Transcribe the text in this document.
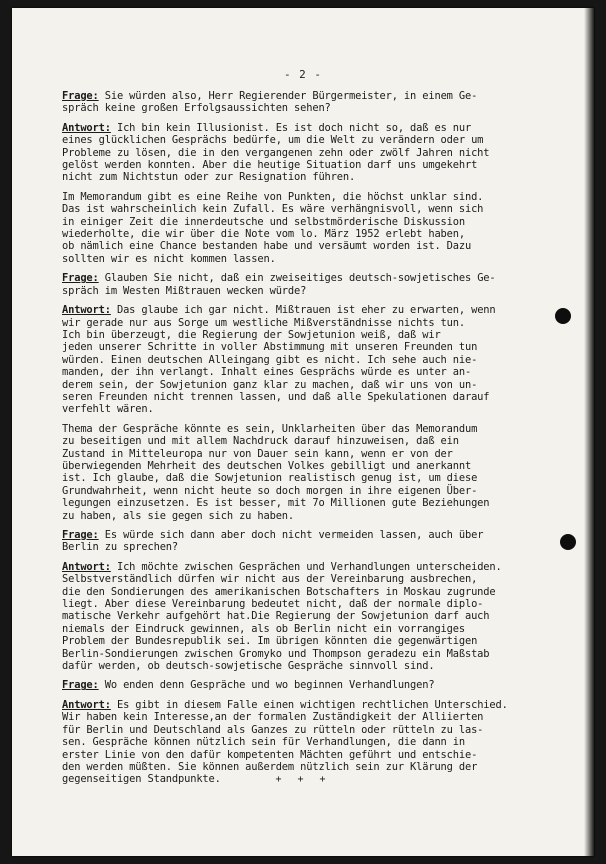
- 2 -
Frage: Sie würden also, Herr Regierender Bürgermeister, in einem Ge-
spräch keine großen Erfolgsaussichten sehen?
Antwort: Ich bin kein Illusionist. Es ist doch nicht so, daß es nur
eines glücklichen Gesprächs bedürfe, um die Welt zu verändern oder um
Probleme zu lösen, die in den vergangenen zehn oder zwölf Jahren nicht
gelöst werden konnten. Aber die heutige Situation darf uns umgekehrt
nicht zum Nichtstun oder zur Resignation führen.
Im Memorandum gibt es eine Reihe von Punkten, die höchst unklar sind.
Das ist wahrscheinlich kein Zufall. Es wäre verhängnisvoll, wenn sich
in einiger Zeit die innerdeutsche und selbstmörderische Diskussion
wiederholte, die wir über die Note vom lo. März 1952 erlebt haben,
ob nämlich eine Chance bestanden habe und versäumt worden ist. Dazu
sollten wir es nicht kommen lassen.
Frage: Glauben Sie nicht, daß ein zweiseitiges deutsch-sowjetisches Ge-
spräch im Westen Mißtrauen wecken würde?
Antwort: Das glaube ich gar nicht. Mißtrauen ist eher zu erwarten, wenn
wir gerade nur aus Sorge um westliche Mißverständnisse nichts tun.
Ich bin überzeugt, die Regierung der Sowjetunion weiß, daß wir
jeden unserer Schritte in voller Abstimmung mit unseren Freunden tun
würden. Einen deutschen Alleingang gibt es nicht. Ich sehe auch nie-
manden, der ihn verlangt. Inhalt eines Gesprächs würde es unter an-
derem sein, der Sowjetunion ganz klar zu machen, daß wir uns von un-
seren Freunden nicht trennen lassen, und daß alle Spekulationen darauf
verfehlt wären.
Thema der Gespräche könnte es sein, Unklarheiten über das Memorandum
zu beseitigen und mit allem Nachdruck darauf hinzuweisen, daß ein
Zustand in Mitteleuropa nur von Dauer sein kann, wenn er von der
überwiegenden Mehrheit des deutschen Volkes gebilligt und anerkannt
ist. Ich glaube, daß die Sowjetunion realistisch genug ist, um diese
Grundwahrheit, wenn nicht heute so doch morgen in ihre eigenen Über-
legungen einzusetzen. Es ist besser, mit 7o Millionen gute Beziehungen
zu haben, als sie gegen sich zu haben.
Frage: Es würde sich dann aber doch nicht vermeiden lassen, auch über
Berlin zu sprechen?
Antwort: Ich möchte zwischen Gesprächen und Verhandlungen unterscheiden.
Selbstverständlich dürfen wir nicht aus der Vereinbarung ausbrechen,
die den Sondierungen des amerikanischen Botschafters in Moskau zugrunde
liegt. Aber diese Vereinbarung bedeutet nicht, daß der normale diplo-
matische Verkehr aufgehört hat.Die Regierung der Sowjetunion darf auch
niemals der Eindruck gewinnen, als ob Berlin nicht ein vorrangiges
Problem der Bundesrepublik sei. Im übrigen könnten die gegenwärtigen
Berlin-Sondierungen zwischen Gromyko und Thompson geradezu ein Maßstab
dafür werden, ob deutsch-sowjetische Gespräche sinnvoll sind.
Frage: Wo enden denn Gespräche und wo beginnen Verhandlungen?
Antwort: Es gibt in diesem Falle einen wichtigen rechtlichen Unterschied.
Wir haben kein Interesse,an der formalen Zuständigkeit der Alliierten
für Berlin und Deutschland als Ganzes zu rütteln oder rütteln zu las-
sen. Gespräche können nützlich sein für Verhandlungen, die dann in
erster Linie von den dafür kompetenten Mächten geführt und entschie-
den werden müßten. Sie können außerdem nützlich sein zur Klärung der
gegenseitigen Standpunkte.	+ + +
